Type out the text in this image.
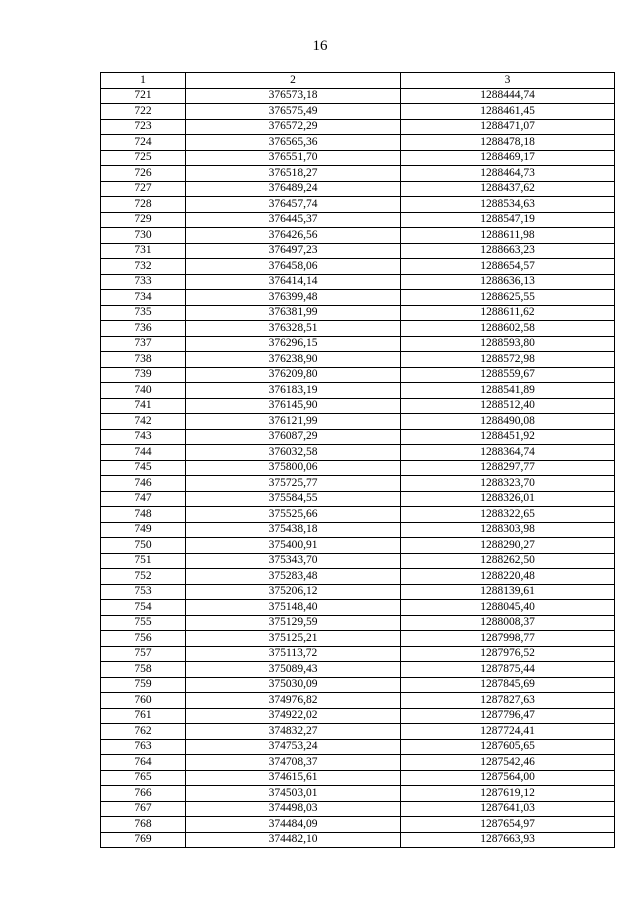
16
1	2	3
721	376573,18	1288444,74
722	376575,49	1288461,45
723	376572,29	1288471,07
724	376565,36	1288478,18
725	376551,70	1288469,17
726	376518,27	1288464,73
727	376489,24	1288437,62
728	376457,74	1288534,63
729	376445,37	1288547,19
730	376426,56	1288611,98
731	376497,23	1288663,23
732	376458,06	1288654,57
733	376414,14	1288636,13
734	376399,48	1288625,55
735	376381,99	1288611,62
736	376328,51	1288602,58
737	376296,15	1288593,80
738	376238,90	1288572,98
739	376209,80	1288559,67
740	376183,19	1288541,89
741	376145,90	1288512,40
742	376121,99	1288490,08
743	376087,29	1288451,92
744	376032,58	1288364,74
745	375800,06	1288297,77
746	375725,77	1288323,70
747	375584,55	1288326,01
748	375525,66	1288322,65
749	375438,18	1288303,98
750	375400,91	1288290,27
751	375343,70	1288262,50
752	375283,48	1288220,48
753	375206,12	1288139,61
754	375148,40	1288045,40
755	375129,59	1288008,37
756	375125,21	1287998,77
757	375113,72	1287976,52
758	375089,43	1287875,44
759	375030,09	1287845,69
760	374976,82	1287827,63
761	374922,02	1287796,47
762	374832,27	1287724,41
763	374753,24	1287605,65
764	374708,37	1287542,46
765	374615,61	1287564,00
766	374503,01	1287619,12
767	374498,03	1287641,03
768	374484,09	1287654,97
769	374482,10	1287663,93
